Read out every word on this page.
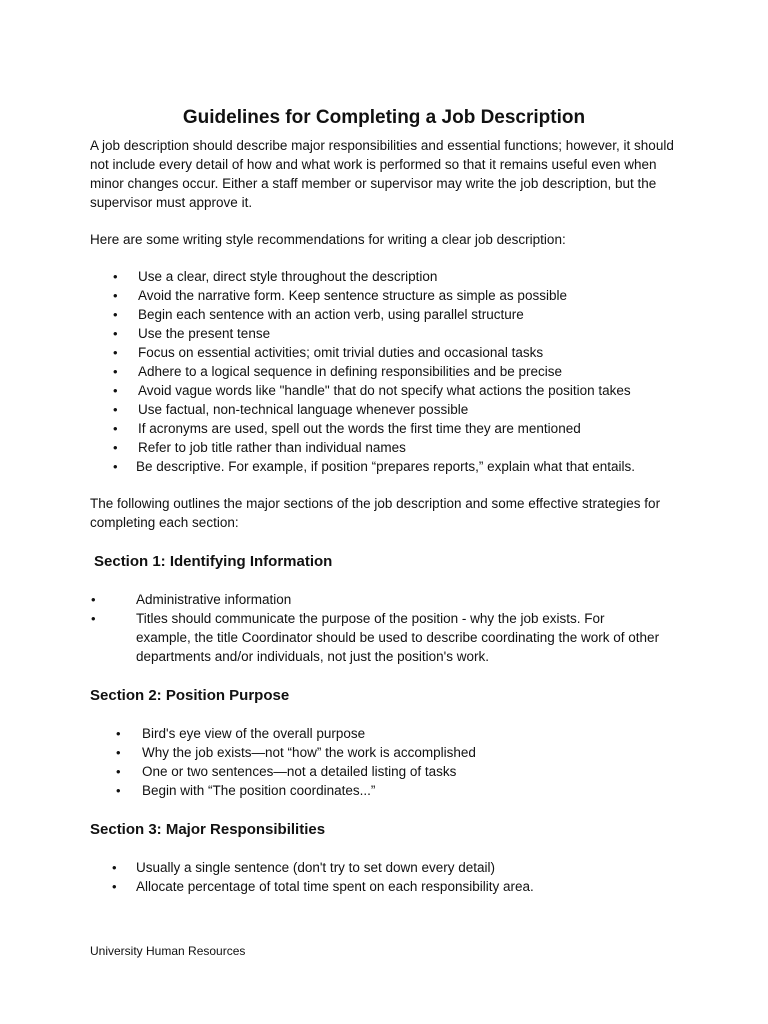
Guidelines for Completing a Job Description

A job description should describe major responsibilities and essential functions; however, it should not include every detail of how and what work is performed so that it remains useful even when minor changes occur. Either a staff member or supervisor may write the job description, but the supervisor must approve it.

Here are some writing style recommendations for writing a clear job description:

• Use a clear, direct style throughout the description
• Avoid the narrative form. Keep sentence structure as simple as possible
• Begin each sentence with an action verb, using parallel structure
• Use the present tense
• Focus on essential activities; omit trivial duties and occasional tasks
• Adhere to a logical sequence in defining responsibilities and be precise
• Avoid vague words like "handle" that do not specify what actions the position takes
• Use factual, non-technical language whenever possible
• If acronyms are used, spell out the words the first time they are mentioned
• Refer to job title rather than individual names
• Be descriptive. For example, if position “prepares reports,” explain what that entails.

The following outlines the major sections of the job description and some effective strategies for completing each section:

Section 1: Identifying Information
•	Administrative information
•	Titles should communicate the purpose of the position - why the job exists. For example, the title Coordinator should be used to describe coordinating the work of other departments and/or individuals, not just the position's work.
Section 2: Position Purpose
• Bird's eye view of the overall purpose
• Why the job exists—not “how” the work is accomplished
• One or two sentences—not a detailed listing of tasks
• Begin with “The position coordinates...”
Section 3: Major Responsibilities
• Usually a single sentence (don't try to set down every detail)
• Allocate percentage of total time spent on each responsibility area.
University Human Resources
